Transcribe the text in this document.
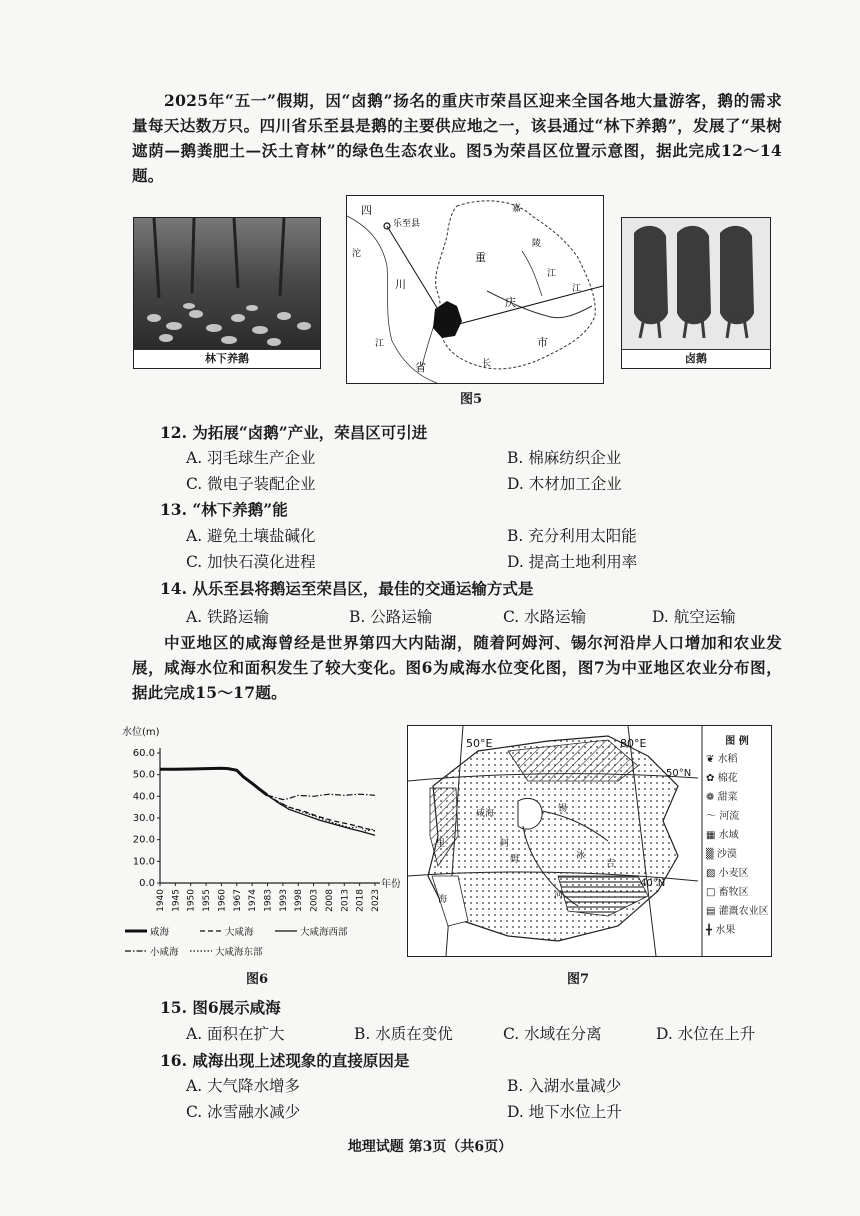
2025年“五一”假期，因“卤鹅”扬名的重庆市荣昌区迎来全国各地大量游客，鹅的需求量每天达数万只。四川省乐至县是鹅的主要供应地之一，该县通过“林下养鹅”，发展了“果树遮荫—鹅粪肥土—沃土育林”的绿色生态农业。图5为荣昌区位置示意图，据此完成12～14题。
林下养鹅
四
乐至县
沱
川
江
省
重
庆
市
嘉
陵
江
江
长
图5
卤鹅
12. 为拓展“卤鹅”产业，荣昌区可引进
A. 羽毛球生产企业	B. 棉麻纺织企业
C. 微电子装配企业	D. 木材加工企业
13. “林下养鹅”能
A. 避免土壤盐碱化	B. 充分利用太阳能
C. 加快石漠化进程	D. 提高土地利用率
14. 从乐至县将鹅运至荣昌区，最佳的交通运输方式是
A. 铁路运输	B. 公路运输	C. 水路运输	D. 航空运输
中亚地区的咸海曾经是世界第四大内陆湖，随着阿姆河、锡尔河沿岸人口增加和农业发展，咸海水位和面积发生了较大变化。图6为咸海水位变化图，图7为中亚地区农业分布图，据此完成15～17题。
水位(m)
年份
60.0
50.0
40.0
30.0
20.0
10.0
0.0
1940 1945 1950 1955 1960 1967 1974 1983 1993 1998 2003 2008 2013 2018 2023
咸海	大咸海	大咸海西部
小咸海	大咸海东部
图6
50°E	80°E
50°N
40°N
咸海	锡
阿
姆
里
海	河
冰
吉
图 例
❦ 水稻
✿ 棉花
❁ 甜菜
〜 河流
▦ 水域
▒ 沙漠
▨ 小麦区
□ 畜牧区
▤ 灌溉农业区
╋ 水果
图7
15. 图6展示咸海
A. 面积在扩大	B. 水质在变优	C. 水域在分离	D. 水位在上升
16. 咸海出现上述现象的直接原因是
A. 大气降水增多	B. 入湖水量减少
C. 冰雪融水减少	D. 地下水位上升
地理试题 第3页（共6页）
